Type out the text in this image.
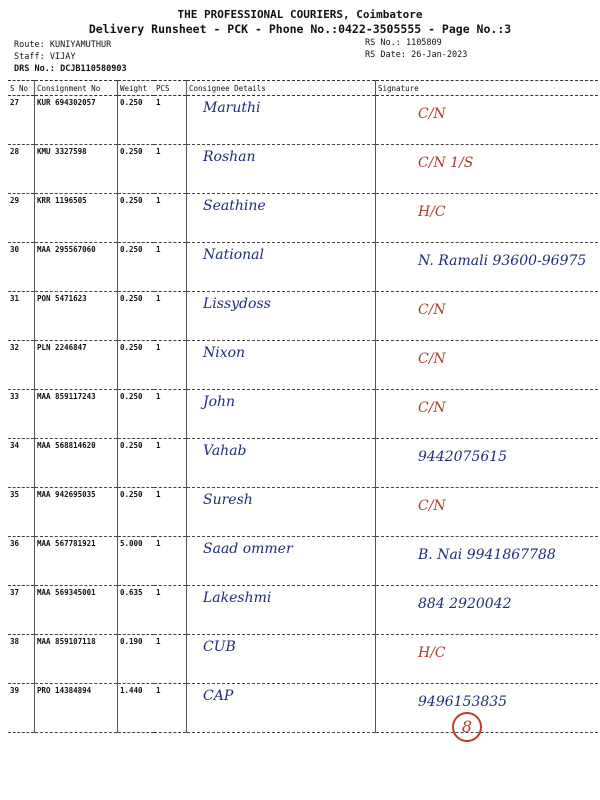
THE PROFESSIONAL COURIERS, Coimbatore
Delivery Runsheet - PCK - Phone No.:0422-3505555 - Page No.:3
Route: KUNIYAMUTHUR
Staff: VIJAY
DRS No.: DCJB110580903
RS No.: 1105809
RS Date: 26-Jan-2023
S No	Consignment No	Weight	PCS	Consignee Details	Signature
27	KUR 694302057	0.250	1	Maruthi	C/N
28	KMU 3327598	0.250	1	Roshan	C/N 1/S
29	KRR 1196505	0.250	1	Seathine	H/C
30	MAA 295567060	0.250	1	National	N. Ramali 93600-96975
31	PON 5471623	0.250	1	Lissydoss	C/N
32	PLN 2246847	0.250	1	Nixon	C/N
33	MAA 859117243	0.250	1	John	C/N
34	MAA 568814620	0.250	1	Vahab	9442075615
35	MAA 942695035	0.250	1	Suresh	C/N
36	MAA 567781921	5.000	1	Saad ommer	B. Nai 9941867788
37	MAA 569345001	0.635	1	Lakeshmi	884 2920042
38	MAA 859107118	0.190	1	CUB	H/C
39	PRO 14384894	1.440	1	CAP	9496153835
8
